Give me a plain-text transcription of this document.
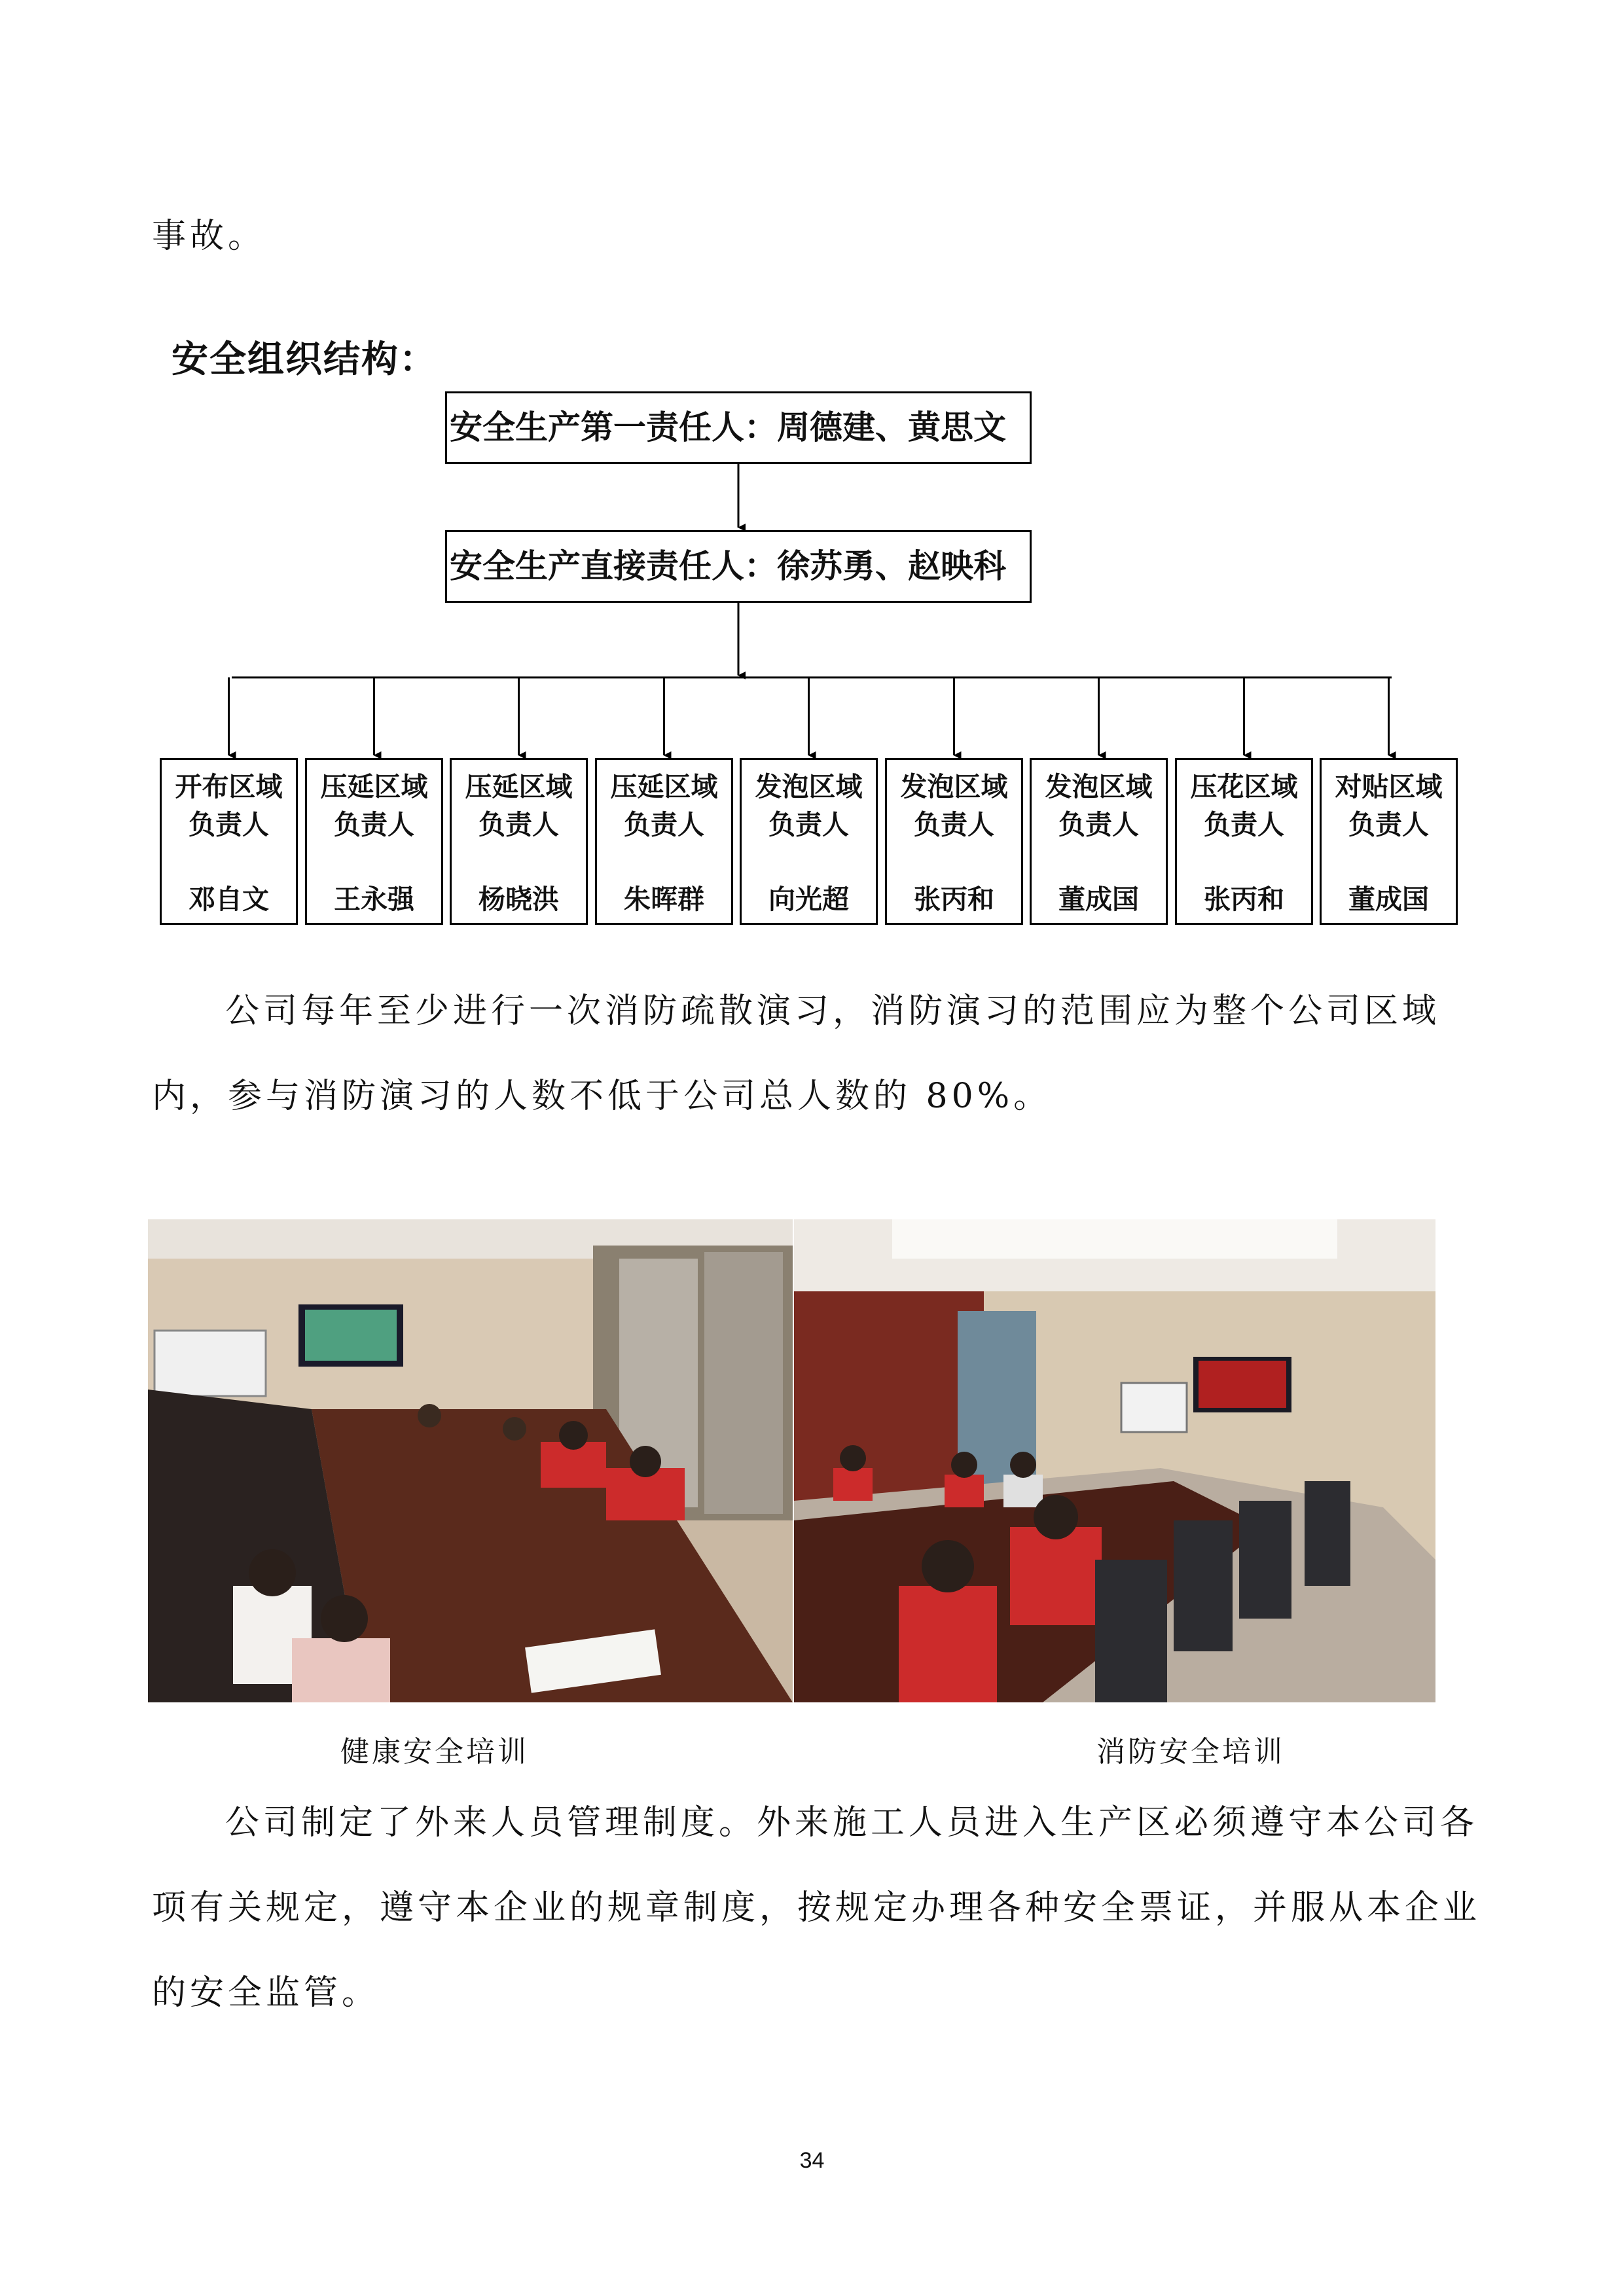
事故。

安全组织结构：

安全生产第一责任人：周德建、黄思文
安全生产直接责任人：徐苏勇、赵映科
开布区域
负责人
邓自文
压延区域
负责人
王永强
压延区域
负责人
杨晓洪
压延区域
负责人
朱晖群
发泡区域
负责人
向光超
发泡区域
负责人
张丙和
发泡区域
负责人
董成国
压花区域
负责人
张丙和
对贴区域
负责人
董成国
公司每年至少进行一次消防疏散演习，消防演习的范围应为整个公司区域内，参与消防演习的人数不低于公司总人数的 80%。

健康安全培训	消防安全培训

公司制定了外来人员管理制度。外来施工人员进入生产区必须遵守本公司各项有关规定，遵守本企业的规章制度，按规定办理各种安全票证，并服从本企业的安全监管。

34
